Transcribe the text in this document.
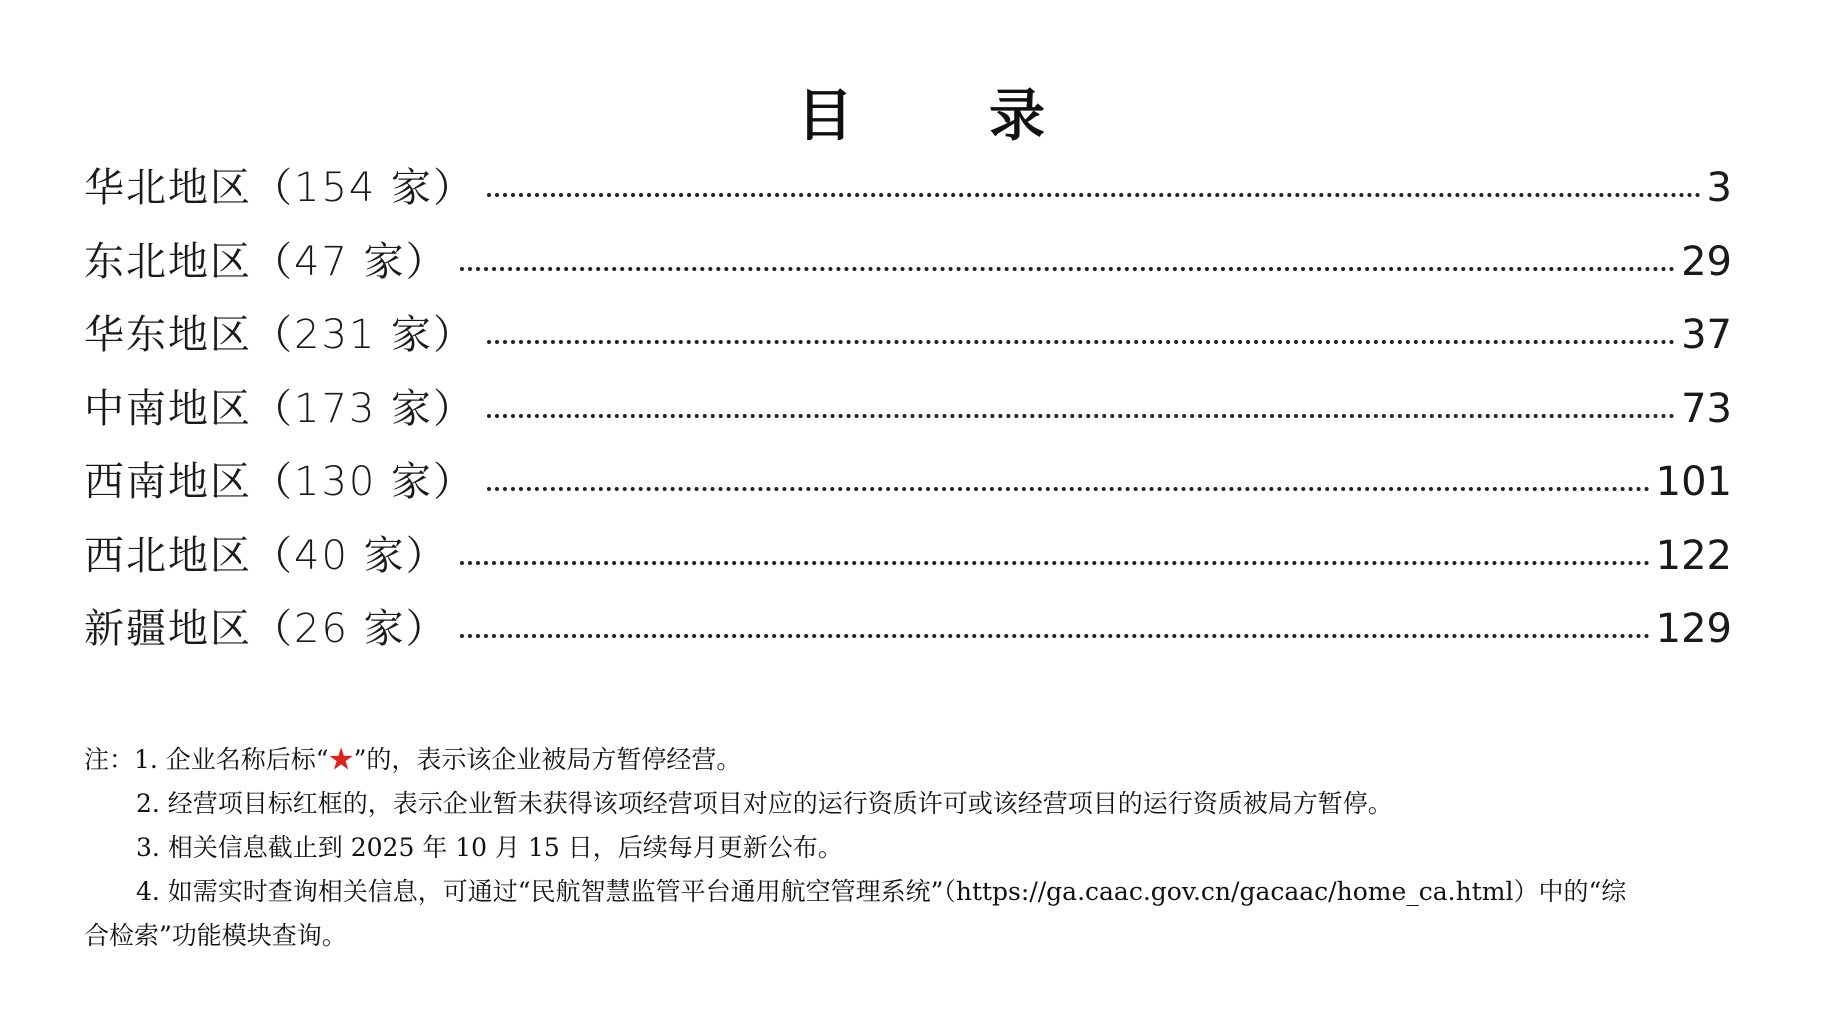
目　录
华北地区（154 家）	3
东北地区（47 家）	29
华东地区（231 家）	37
中南地区（173 家）	73
西南地区（130 家）	101
西北地区（40 家）	122
新疆地区（26 家）	129

注：1. 企业名称后标“★”的，表示该企业被局方暂停经营。

2. 经营项目标红框的，表示企业暂未获得该项经营项目对应的运行资质许可或该经营项目的运行资质被局方暂停。

3. 相关信息截止到 2025 年 10 月 15 日，后续每月更新公布。

4. 如需实时查询相关信息，可通过“民航智慧监管平台通用航空管理系统”（https://ga.caac.gov.cn/gacaac/home_ca.html）中的“综

合检索”功能模块查询。
